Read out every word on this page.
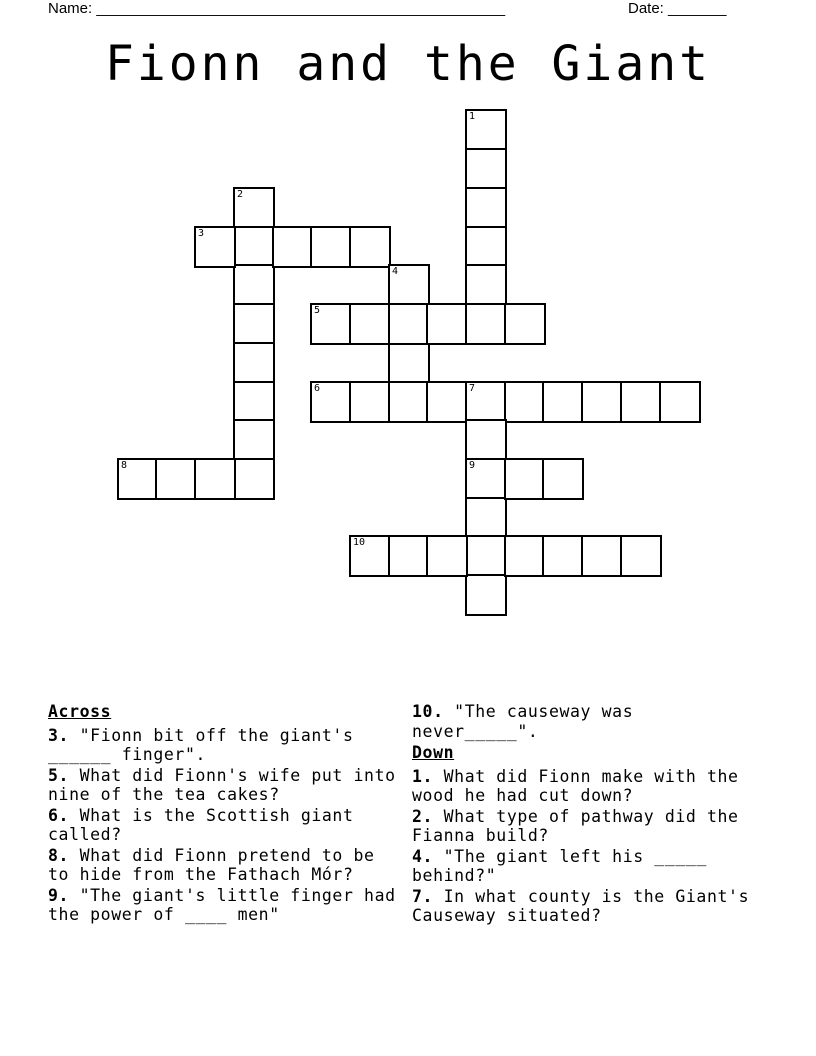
Name: _________________________________________________	Date: _______
Fionn and the Giant
1
2
3
4
5
6	7
9
8
10
Across
3. "Fionn bit off the giant's ______ finger".
5. What did Fionn's wife put into nine of the tea cakes?
6. What is the Scottish giant called?
8. What did Fionn pretend to be to hide from the Fathach Mór?
9. "The giant's little finger had the power of ____ men"
10. "The causeway was never_____".
Down
1. What did Fionn make with the wood he had cut down?
2. What type of pathway did the Fianna build?
4. "The giant left his _____ behind?"
7. In what county is the Giant's Causeway situated?
